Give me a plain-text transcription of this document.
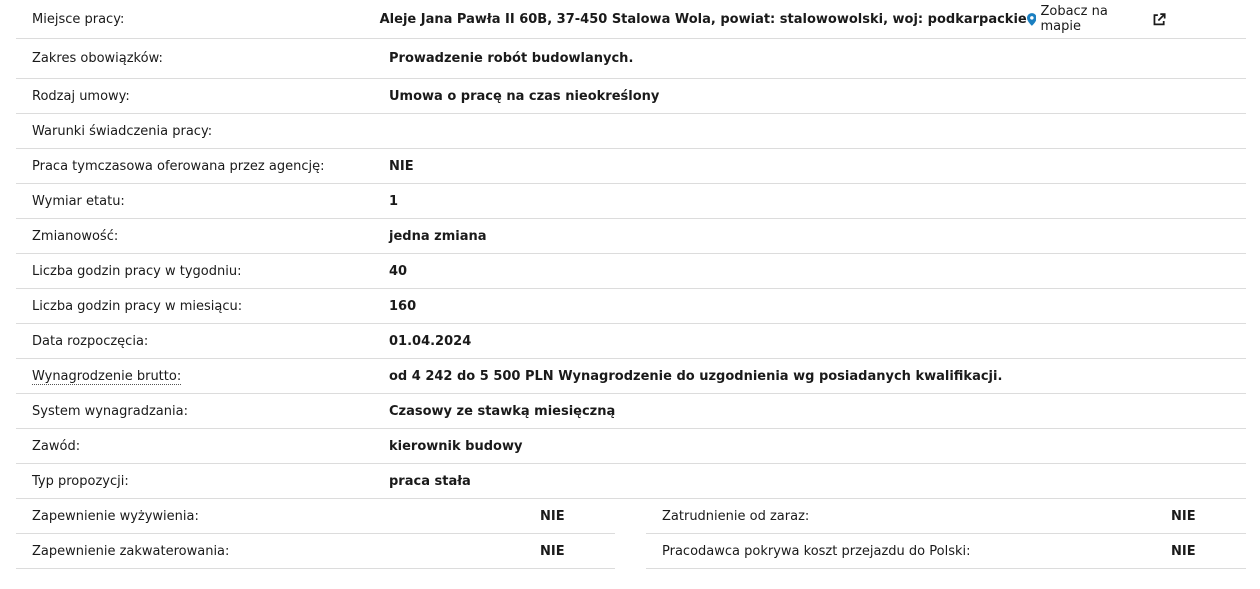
Miejsce pracy:	Aleje Jana Pawła II 60B, 37-450 Stalowa Wola, powiat: stalowowolski, woj: podkarpackie Zobacz na mapie
Zakres obowiązków:	Prowadzenie robót budowlanych.
Rodzaj umowy:	Umowa o pracę na czas nieokreślony
Warunki świadczenia pracy:
Praca tymczasowa oferowana przez agencję:	NIE
Wymiar etatu:	1
Zmianowość:	jedna zmiana
Liczba godzin pracy w tygodniu:	40
Liczba godzin pracy w miesiącu:	160
Data rozpoczęcia:	01.04.2024
Wynagrodzenie brutto:	od 4 242 do 5 500 PLN Wynagrodzenie do uzgodnienia wg posiadanych kwalifikacji.
System wynagradzania:	Czasowy ze stawką miesięczną
Zawód:	kierownik budowy
Typ propozycji:	praca stała
Zapewnienie wyżywienia:	NIE
Zapewnienie zakwaterowania:	NIE
Zatrudnienie od zaraz:	NIE
Pracodawca pokrywa koszt przejazdu do Polski:	NIE
